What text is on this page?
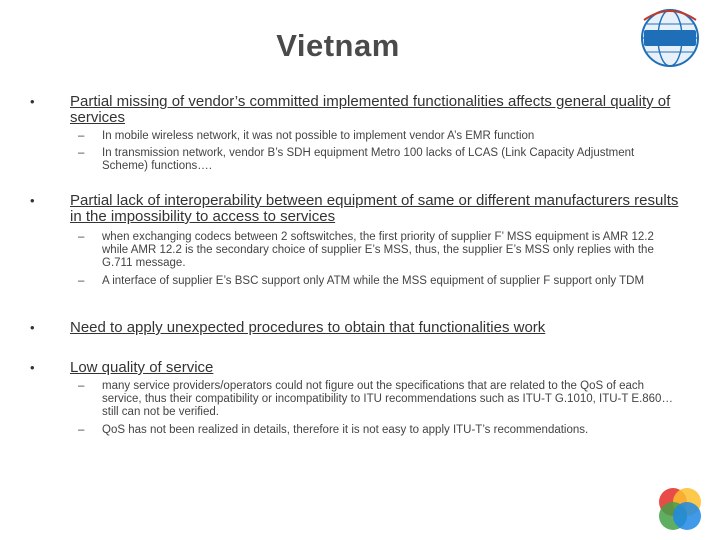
Vietnam
• Partial missing of vendor’s committed implemented functionalities affects general quality of services
– In mobile wireless network, it was not possible to implement vendor A’s EMR function
– In transmission network, vendor B’s SDH equipment Metro 100 lacks of LCAS (Link Capacity Adjustment Scheme) functions….
• Partial lack of interoperability between equipment of same or different manufacturers results in the impossibility to access to services
– when exchanging codecs between 2 softswitches, the first priority of supplier F’ MSS equipment is AMR 12.2 while AMR 12.2 is the secondary choice of supplier E’s MSS, thus, the supplier E’s MSS only replies with the G.711 message.
– A interface of supplier E’s BSC support only ATM while the MSS equipment of supplier F support only TDM
• Need to apply unexpected procedures to obtain that functionalities work
• Low quality of service
– many service providers/operators could not figure out the specifications that are related to the QoS of each service, thus their compatibility or incompatibility to ITU recommendations such as ITU-T G.1010, ITU-T E.860… still can not be verified.
– QoS has not been realized in details, therefore it is not easy to apply ITU-T’s recommendations.
